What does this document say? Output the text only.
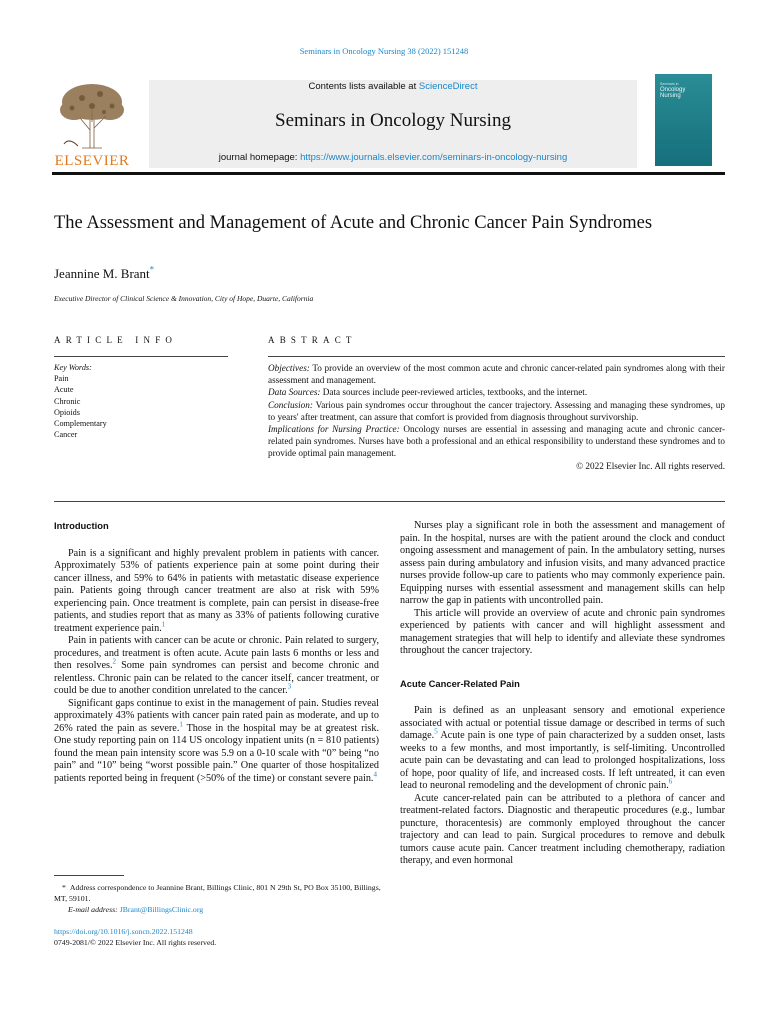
Seminars in Oncology Nursing 38 (2022) 151248
ELSEVIER
Contents lists available at ScienceDirect
Seminars in Oncology Nursing
journal homepage: https://www.journals.elsevier.com/seminars-in-oncology-nursing
Seminars in
Oncology
Nursing
The Assessment and Management of Acute and Chronic Cancer Pain Syndromes
Jeannine M. Brant*
Executive Director of Clinical Science & Innovation, City of Hope, Duarte, California
ARTICLE INFO	ABSTRACT
Key Words:
Pain
Acute
Chronic
Opioids
Complementary
Cancer

Objectives: To provide an overview of the most common acute and chronic cancer-related pain syndromes along with their assessment and management.

Data Sources: Data sources include peer-reviewed articles, textbooks, and the internet.

Conclusion: Various pain syndromes occur throughout the cancer trajectory. Assessing and managing these syndromes, up to years' after treatment, can assure that comfort is provided from diagnosis throughout survivorship.

Implications for Nursing Practice: Oncology nurses are essential in assessing and managing acute and chronic cancer-related pain syndromes. Nurses have both a professional and an ethical responsibility to understand these syndromes and to provide optimal pain management.

© 2022 Elsevier Inc. All rights reserved.

Introduction

Pain is a significant and highly prevalent problem in patients with cancer. Approximately 53% of patients experience pain at some point during their cancer illness, and 59% to 64% in patients with metastatic disease experience pain. Patients going through cancer treatment are also at risk with 59% experiencing pain. Once treatment is complete, pain can persist in disease-free patients, and studies report that as many as 33% of patients following curative treatment experience pain.$^1$

Pain in patients with cancer can be acute or chronic. Pain related to surgery, procedures, and treatment is often acute. Acute pain lasts 6 months or less and then resolves.$^2$ Some pain syndromes can persist and become chronic and relentless. Chronic pain can be related to the cancer itself, cancer treatment, or could be due to another condition unrelated to the cancer.$^3$

Significant gaps continue to exist in the management of pain. Studies reveal approximately 43% patients with cancer pain rated pain as moderate, and up to 26% rated the pain as severe.$^1$ Those in the hospital may be at greatest risk. One study reporting pain on 114 US oncology inpatient units (n = 810 patients) found the mean pain intensity score was 5.9 on a 0-10 scale with “0” being “no pain” and “10” being “worst possible pain.” One quarter of those hospitalized patients reported being in frequent (>50% of the time) or constant severe pain.$^4$

Nurses play a significant role in both the assessment and management of pain. In the hospital, nurses are with the patient around the clock and conduct ongoing assessment and management of pain. In the ambulatory setting, nurses assess pain during ambulatory and infusion visits, and many advanced practice nurses provide follow-up care to patients who may commonly experience pain. Equipping nurses with essential assessment and management skills can help narrow the gap in patients with uncontrolled pain.

This article will provide an overview of acute and chronic pain syndromes experienced by patients with cancer and will highlight assessment and management strategies that will help to identify and alleviate these syndromes throughout the cancer trajectory.

Acute Cancer-Related Pain

Pain is defined as an unpleasant sensory and emotional experience associated with actual or potential tissue damage or described in terms of such damage.$^5$ Acute pain is one type of pain characterized by a sudden onset, lasts weeks to a few months, and most importantly, is self-limiting. Uncontrolled acute pain can be devastating and can lead to prolonged hospitalizations, loss of hope, poor quality of life, and increased costs. If left untreated, it can even lead to neuronal remodeling and the development of chronic pain.$^6$

Acute cancer-related pain can be attributed to a plethora of cancer and treatment-related factors. Diagnostic and therapeutic procedures (e.g., lumbar puncture, thoracentesis) are commonly employed throughout the cancer trajectory and can lead to pain. Surgical procedures to remove and debulk tumors cause acute pain. Cancer treatment including chemotherapy, radiation therapy, and even hormonal

* Address correspondence to Jeannine Brant, Billings Clinic, 801 N 29th St, PO Box 35100, Billings, MT, 59101.
E-mail address: JBrant@BillingsClinic.org
https://doi.org/10.1016/j.soncn.2022.151248
0749-2081/© 2022 Elsevier Inc. All rights reserved.
